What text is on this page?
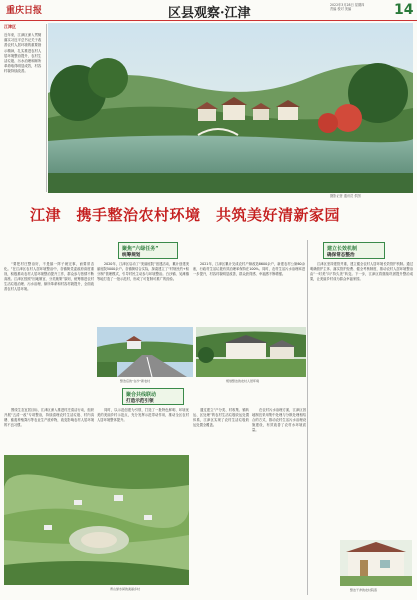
重庆日报	区县观察·江津
2022年3月28日 星期四
责编 校对 美编	14
江津区
近年来，江津区深入贯彻落实习近平总书记关于改善农村人居环境的重要指示精神，扎实推进农村人居环境整治提升，农村生活垃圾、污水治理和厕所革命取得明显成效，村容村貌持续改善。
摄影记者 通讯员 供图
江津　携手整治农村环境　共筑美好清新家园
聚焦“六绿任务”
统筹规划
建立长效机制
确保常态整治

“要把村庄整治好，不是搞一阵子就完事，而要常态化。”在江津区农村人居环境整治中，各镇街党委政府高度重视，积极推动农村人居环境整治提升工作，群众参与热情不断高涨。江津区按照“因地制宜、分类施策”原则，统筹推进农村生活垃圾治理、污水治理、厕所革命和村容村貌提升，全面改善农村人居环境。

2020年，江津区启动了“美丽庭院”创建活动，累计创建美丽庭院5000余户。各镇街结合实际，探索建立了“村规民约+积分制”管理模式，引导村民主动参与环境整治。白沙镇、吴滩镇等地打造了一批示范村，形成了可复制可推广的经验。

2021年，江津区累计完成农村户厕改造8600余户，新建农村公厕60余座，行政村生活垃圾有效治理率保持在100%。同时，农村生活污水治理率进一步提升，村容村貌明显改善，群众获得感、幸福感不断增强。

江津区坚持建管并重，建立健全农村人居环境长效管护机制。通过明确管护主体、落实管护经费、健全考核制度，推动农村人居环境整治由“一时美”向“持久美”转变。下一步，江津区将继续巩固提升整治成果，让美丽乡村成为群众幸福家园。

整治后的“白沙”新农村	规划整洁的农村人居环境
聚合共线联动
打造示范引领

围绕生态宜居目标，江津区深入推进村庄清洁行动，组织开展“五清一改”专项整治，持续清理农村生活垃圾、村内沟塘、畜禽养殖粪污等农业生产废弃物，改变影响农村人居环境的不良习惯。

同时，以示范创建为引领，打造了一批特色鲜明、环境优美的美丽乡村示范点，充分发挥示范带动作用，推动全区农村人居环境整体提升。

通过建立“户分类、村收集、镇转运、区处理”的农村生活垃圾收运处置体系，江津区实现了农村生活垃圾收运处置全覆盖。

在农村污水治理方面，江津区因地制宜采用集中处理与分散处理相结合的方式，推动农村生活污水治理设施建设，有效改善了农村水环境质量。

青山绿水间的美丽乡村	整洁干净的农村院落
